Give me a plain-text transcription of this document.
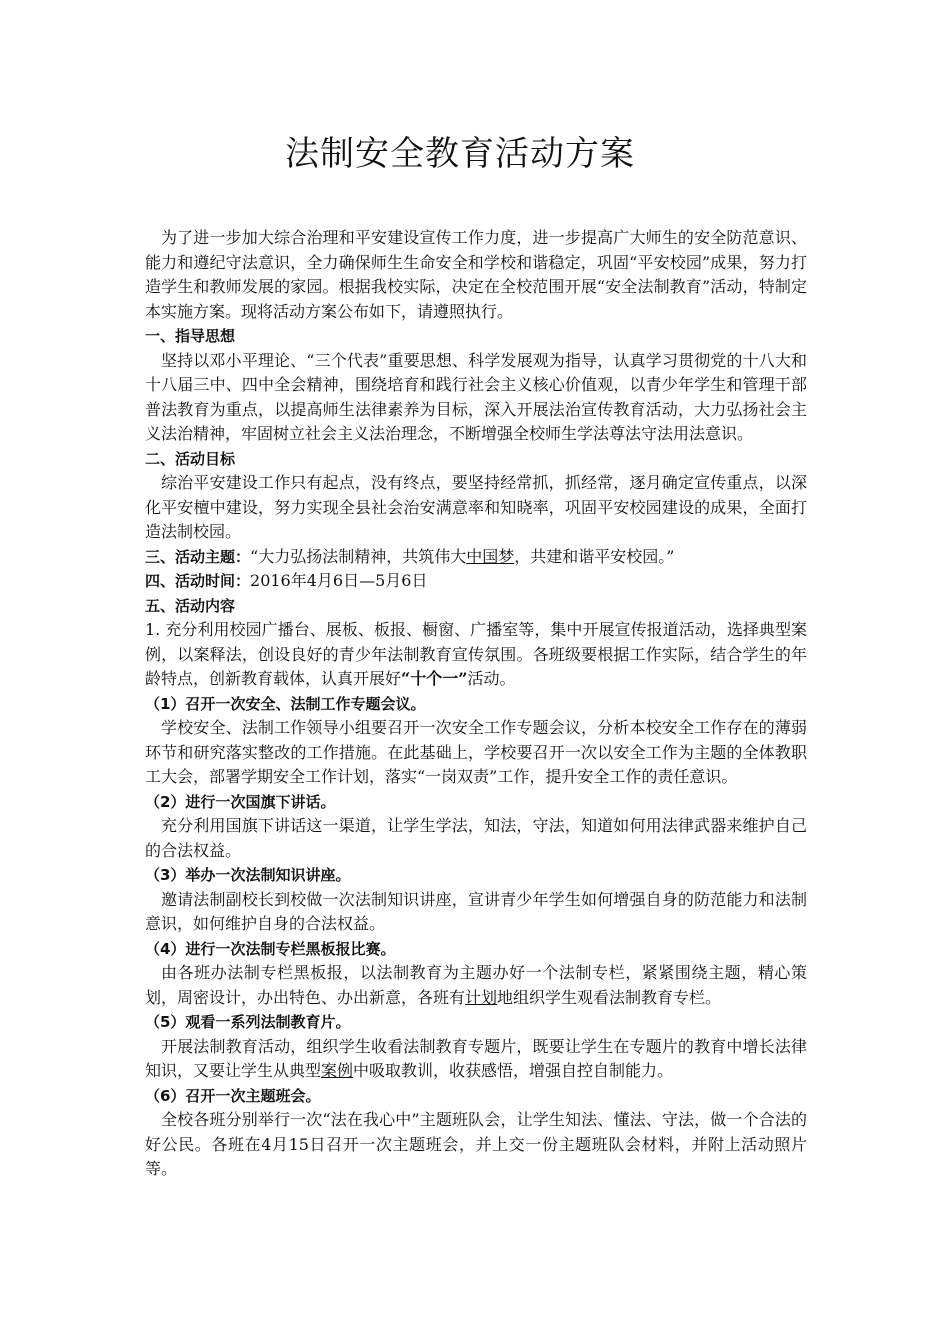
法制安全教育活动方案

为了进一步加大综合治理和平安建设宣传工作力度，进一步提高广大师生的安全防范意识、能力和遵纪守法意识，全力确保师生生命安全和学校和谐稳定，巩固“平安校园”成果，努力打造学生和教师发展的家园。根据我校实际，决定在全校范围开展“安全法制教育”活动，特制定本实施方案。现将活动方案公布如下，请遵照执行。

一、指导思想

坚持以邓小平理论、“三个代表”重要思想、科学发展观为指导，认真学习贯彻党的十八大和十八届三中、四中全会精神，围绕培育和践行社会主义核心价值观，以青少年学生和管理干部普法教育为重点，以提高师生法律素养为目标，深入开展法治宣传教育活动，大力弘扬社会主义法治精神，牢固树立社会主义法治理念，不断增强全校师生学法尊法守法用法意识。

二、活动目标

综治平安建设工作只有起点，没有终点，要坚持经常抓，抓经常，逐月确定宣传重点，以深化平安檀中建设，努力实现全县社会治安满意率和知晓率，巩固平安校园建设的成果，全面打造法制校园。

三、活动主题：“大力弘扬法制精神，共筑伟大中国梦，共建和谐平安校园。”

四、活动时间：2016年4月6日—5月6日

五、活动内容

1. 充分利用校园广播台、展板、板报、橱窗、广播室等，集中开展宣传报道活动，选择典型案例，以案释法，创设良好的青少年法制教育宣传氛围。各班级要根据工作实际，结合学生的年龄特点，创新教育载体，认真开展好“十个一”活动。

（1）召开一次安全、法制工作专题会议。

学校安全、法制工作领导小组要召开一次安全工作专题会议，分析本校安全工作存在的薄弱环节和研究落实整改的工作措施。在此基础上，学校要召开一次以安全工作为主题的全体教职工大会，部署学期安全工作计划，落实“一岗双责”工作，提升安全工作的责任意识。

（2）进行一次国旗下讲话。

充分利用国旗下讲话这一渠道，让学生学法，知法，守法，知道如何用法律武器来维护自己的合法权益。

（3）举办一次法制知识讲座。

邀请法制副校长到校做一次法制知识讲座，宣讲青少年学生如何增强自身的防范能力和法制意识，如何维护自身的合法权益。

（4）进行一次法制专栏黑板报比赛。

由各班办法制专栏黑板报，以法制教育为主题办好一个法制专栏，紧紧围绕主题，精心策划，周密设计，办出特色、办出新意，各班有计划地组织学生观看法制教育专栏。

（5）观看一系列法制教育片。

开展法制教育活动，组织学生收看法制教育专题片，既要让学生在专题片的教育中增长法律知识，又要让学生从典型案例中吸取教训，收获感悟，增强自控自制能力。

（6）召开一次主题班会。

全校各班分别举行一次“法在我心中”主题班队会，让学生知法、懂法、守法，做一个合法的好公民。各班在4月15日召开一次主题班会，并上交一份主题班队会材料，并附上活动照片等。
